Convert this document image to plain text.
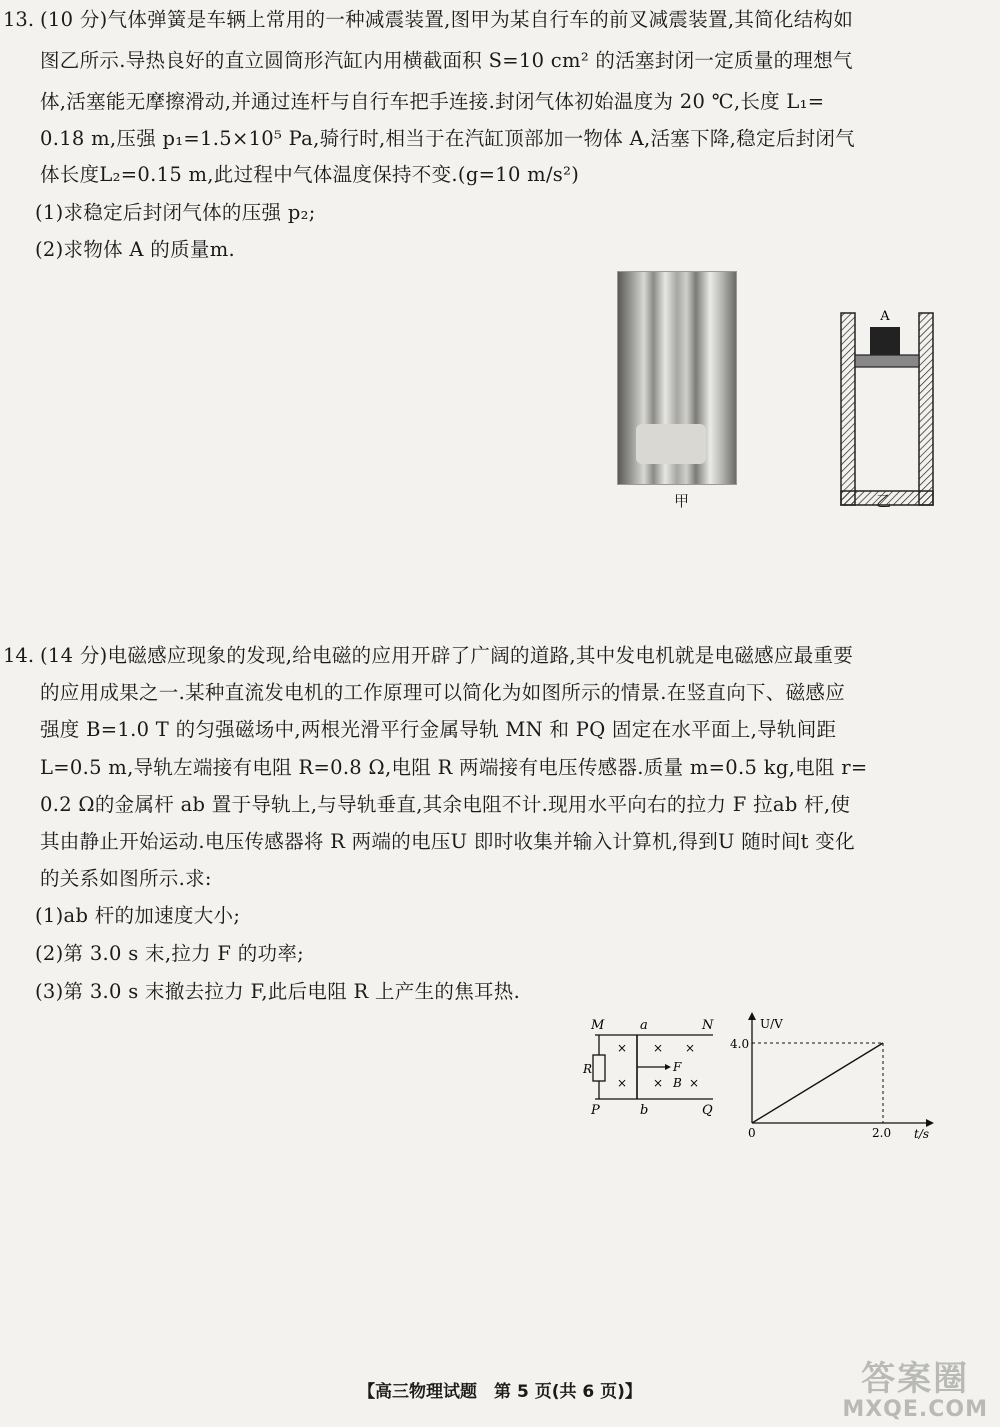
13. (10 分)气体弹簧是车辆上常用的一种减震装置,图甲为某自行车的前叉减震装置,其简化结构如
图乙所示.导热良好的直立圆筒形汽缸内用横截面积 S=10 cm² 的活塞封闭一定质量的理想气
体,活塞能无摩擦滑动,并通过连杆与自行车把手连接.封闭气体初始温度为 20 ℃,长度 L₁=
0.18 m,压强 p₁=1.5×10⁵ Pa,骑行时,相当于在汽缸顶部加一物体 A,活塞下降,稳定后封闭气
体长度L₂=0.15 m,此过程中气体温度保持不变.(g=10 m/s²)
(1)求稳定后封闭气体的压强 p₂;
(2)求物体 A 的质量m.
甲
A
乙
14. (14 分)电磁感应现象的发现,给电磁的应用开辟了广阔的道路,其中发电机就是电磁感应最重要
的应用成果之一.某种直流发电机的工作原理可以简化为如图所示的情景.在竖直向下、磁感应
强度 B=1.0 T 的匀强磁场中,两根光滑平行金属导轨 MN 和 PQ 固定在水平面上,导轨间距
L=0.5 m,导轨左端接有电阻 R=0.8 Ω,电阻 R 两端接有电压传感器.质量 m=0.5 kg,电阻 r=
0.2 Ω的金属杆 ab 置于导轨上,与导轨垂直,其余电阻不计.现用水平向右的拉力 F 拉ab 杆,使
其由静止开始运动.电压传感器将 R 两端的电压U 即时收集并输入计算机,得到U 随时间t 变化
的关系如图所示.求:
(1)ab 杆的加速度大小;
(2)第 3.0 s 末,拉力 F 的功率;
(3)第 3.0 s 末撤去拉力 F,此后电阻 R 上产生的焦耳热.
M	N
P	Q
a
b
R	F
B
× × ×
× × ×
U/V
t/s
0
4.0
2.0
【高三物理试题　第 5 页(共 6 页)】	答案圈
MXQE.COM
